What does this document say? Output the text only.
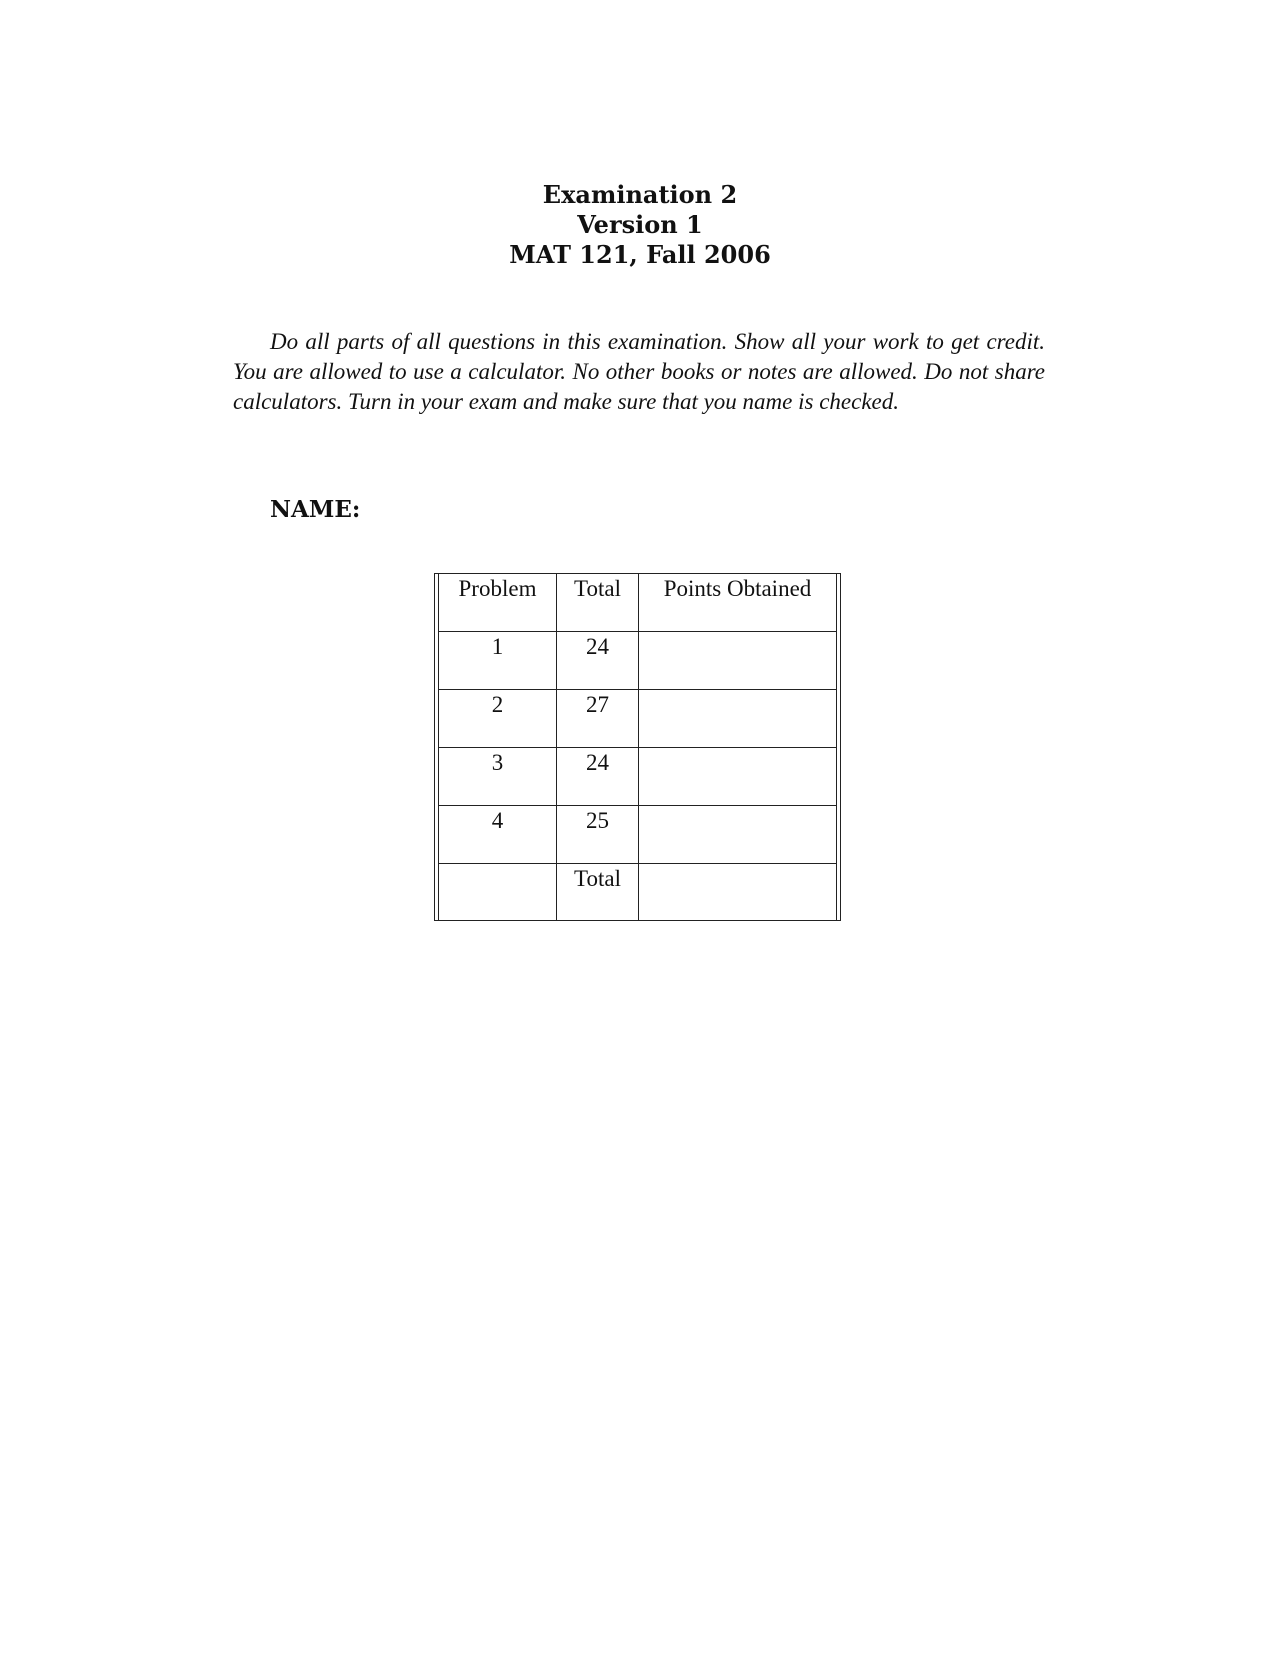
Examination 2
Version 1
MAT 121, Fall 2006

Do all parts of all questions in this examination. Show all your work to get credit. You are allowed to use a calculator. No other books or notes are allowed. Do not share calculators. Turn in your exam and make sure that you name is checked.

NAME:
Problem	Total	Points Obtained
1	24	
2	27	
3	24	
4	25	
	Total	
